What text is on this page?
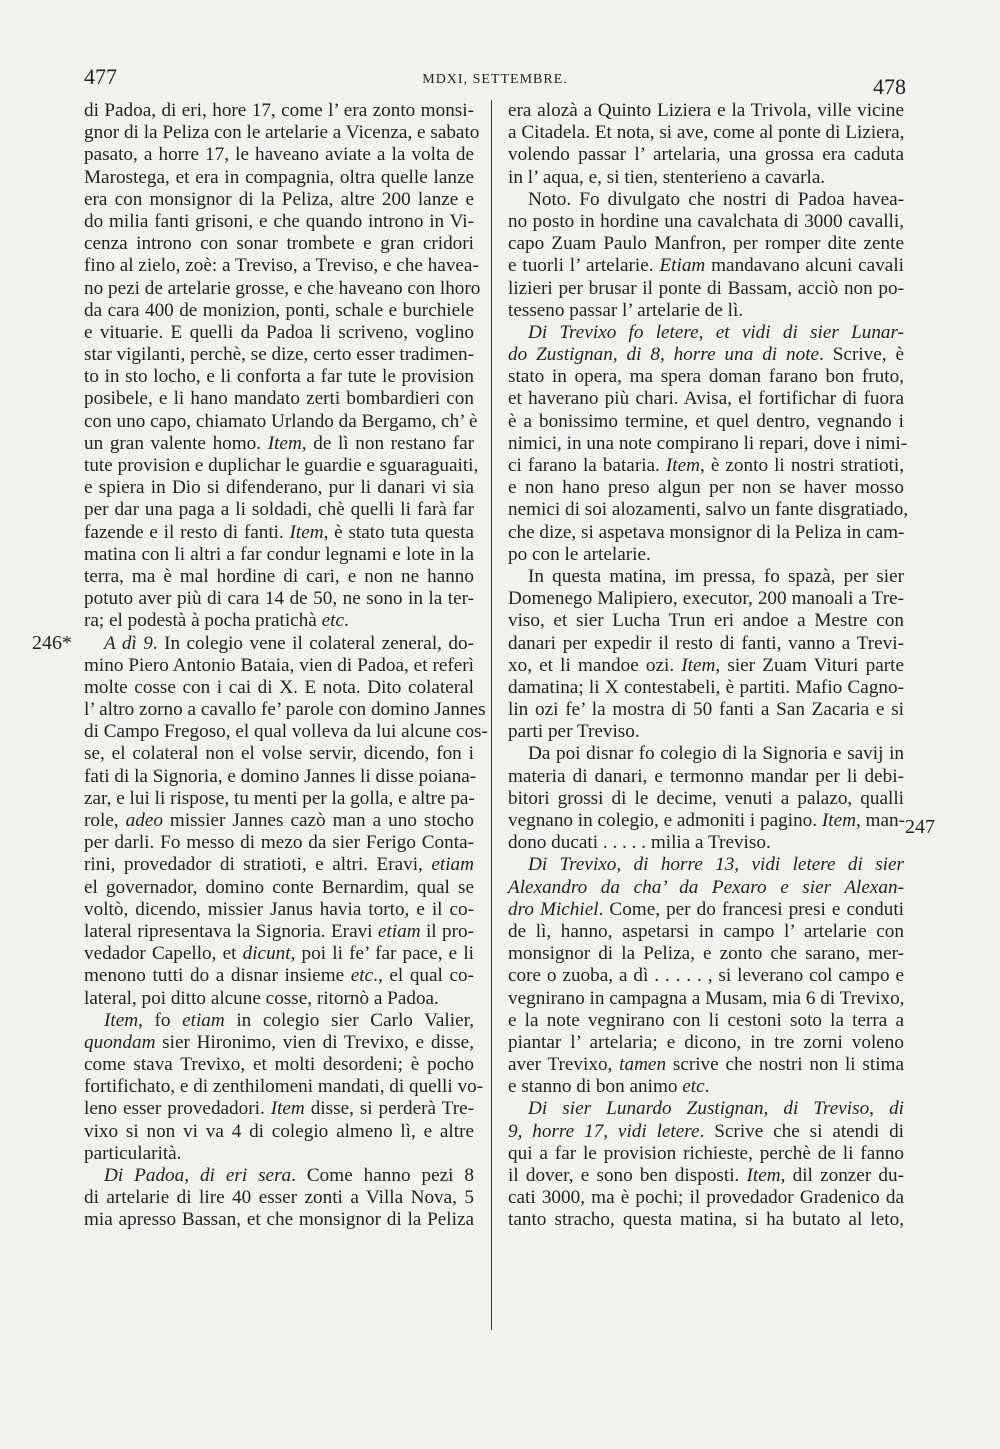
477	MDXI, SETTEMBRE.	478
246*
247
di Padoa, di eri, hore 17, come l’ era zonto monsi-
gnor di la Peliza con le artelarie a Vicenza, e sabato
pasato, a horre 17, le haveano aviate a la volta de
Marostega, et era in compagnia, oltra quelle lanze
era con monsignor di la Peliza, altre 200 lanze e
do milia fanti grisoni, e che quando introno in Vi-
cenza introno con sonar trombete e gran cridori
fino al zielo, zoè: a Treviso, a Treviso, e che havea-
no pezi de artelarie grosse, e che haveano con lhoro
da cara 400 de monizion, ponti, schale e burchiele
e vituarie. E quelli da Padoa li scriveno, voglino
star vigilanti, perchè, se dize, certo esser tradimen-
to in sto locho, e li conforta a far tute le provision
posibele, e li hano mandato zerti bombardieri con
con uno capo, chiamato Urlando da Bergamo, ch’ è
un gran valente homo. Item, de lì non restano far
tute provision e duplichar le guardie e sguaraguaiti,
e spiera in Dio si difenderano, pur li danari vi sia
per dar una paga a li soldadi, chè quelli li farà far
fazende e il resto di fanti. Item, è stato tuta questa
matina con li altri a far condur legnami e lote in la
terra, ma è mal hordine di cari, e non ne hanno
potuto aver più di cara 14 de 50, ne sono in la ter-
ra; el podestà à pocha pratichà etc.
A dì 9. In colegio vene il colateral zeneral, do-
mino Piero Antonio Bataia, vien di Padoa, et referì
molte cosse con i cai di X. E nota. Dito colateral
l’ altro zorno a cavallo fe’ parole con domino Jannes
di Campo Fregoso, el qual volleva da lui alcune cos-
se, el colateral non el volse servir, dicendo, fon i
fati di la Signoria, e domino Jannes li disse poiana-
zar, e lui li rispose, tu menti per la golla, e altre pa-
role, adeo missier Jannes cazò man a uno stocho
per darli. Fo messo di mezo da sier Ferigo Conta-
rini, provedador di stratioti, e altri. Eravi, etiam
el governador, domino conte Bernardim, qual se
voltò, dicendo, missier Janus havia torto, e il co-
lateral ripresentava la Signoria. Eravi etiam il pro-
vedador Capello, et dicunt, poi li fe’ far pace, e li
menono tutti do a disnar insieme etc., el qual co-
lateral, poi ditto alcune cosse, ritornò a Padoa.
Item, fo etiam in colegio sier Carlo Valier,
quondam sier Hironimo, vien di Trevixo, e disse,
come stava Trevixo, et molti desordeni; è pocho
fortifichato, e di zenthilomeni mandati, di quelli vo-
leno esser provedadori. Item disse, si perderà Tre-
vixo si non vi va 4 di colegio almeno lì, e altre
particularità.
Di Padoa, di eri sera. Come hanno pezi 8
di artelarie di lire 40 esser zonti a Villa Nova, 5
mia apresso Bassan, et che monsignor di la Peliza
era alozà a Quinto Liziera e la Trivola, ville vicine
a Citadela. Et nota, si ave, come al ponte di Liziera,
volendo passar l’ artelaria, una grossa era caduta
in l’ aqua, e, si tien, stenterieno a cavarla.
Noto. Fo divulgato che nostri di Padoa havea-
no posto in hordine una cavalchata di 3000 cavalli,
capo Zuam Paulo Manfron, per romper dite zente
e tuorli l’ artelarie. Etiam mandavano alcuni cavali
lizieri per brusar il ponte di Bassam, acciò non po-
tesseno passar l’ artelarie de lì.
Di Trevixo fo letere, et vidi di sier Lunar-
do Zustignan, di 8, horre una di note. Scrive, è
stato in opera, ma spera doman farano bon fruto,
et haverano più chari. Avisa, el fortifichar di fuora
è a bonissimo termine, et quel dentro, vegnando i
nimici, in una note compirano li repari, dove i nimi-
ci farano la bataria. Item, è zonto li nostri stratioti,
e non hano preso algun per non se haver mosso
nemici di soi alozamenti, salvo un fante disgratiado,
che dize, si aspetava monsignor di la Peliza in cam-
po con le artelarie.
In questa matina, im pressa, fo spazà, per sier
Domenego Malipiero, executor, 200 manoali a Tre-
viso, et sier Lucha Trun eri andoe a Mestre con
danari per expedir il resto di fanti, vanno a Trevi-
xo, et li mandoe ozi. Item, sier Zuam Vituri parte
damatina; li X contestabeli, è partiti. Mafio Cagno-
lin ozi fe’ la mostra di 50 fanti a San Zacaria e si
parti per Treviso.
Da poi disnar fo colegio di la Signoria e savij in
materia di danari, e termonno mandar per li debi-
bitori grossi di le decime, venuti a palazo, qualli
vegnano in colegio, e admoniti i pagino. Item, man-
dono ducati . . . . . milia a Treviso.
Di Trevixo, di horre 13, vidi letere di sier
Alexandro da cha’ da Pexaro e sier Alexan-
dro Michiel. Come, per do francesi presi e conduti
de lì, hanno, aspetarsi in campo l’ artelarie con
monsignor di la Peliza, e zonto che sarano, mer-
core o zuoba, a dì . . . . . , si leverano col campo e
vegnirano in campagna a Musam, mia 6 di Trevixo,
e la note vegnirano con li cestoni soto la terra a
piantar l’ artelaria; e dicono, in tre zorni voleno
aver Trevixo, tamen scrive che nostri non li stima
e stanno di bon animo etc.
Di sier Lunardo Zustignan, di Treviso, di
9, horre 17, vidi letere. Scrive che si atendi di
qui a far le provision richieste, perchè de li fanno
il dover, e sono ben disposti. Item, dil zonzer du-
cati 3000, ma è pochi; il provedador Gradenico da
tanto stracho, questa matina, si ha butato al leto,
